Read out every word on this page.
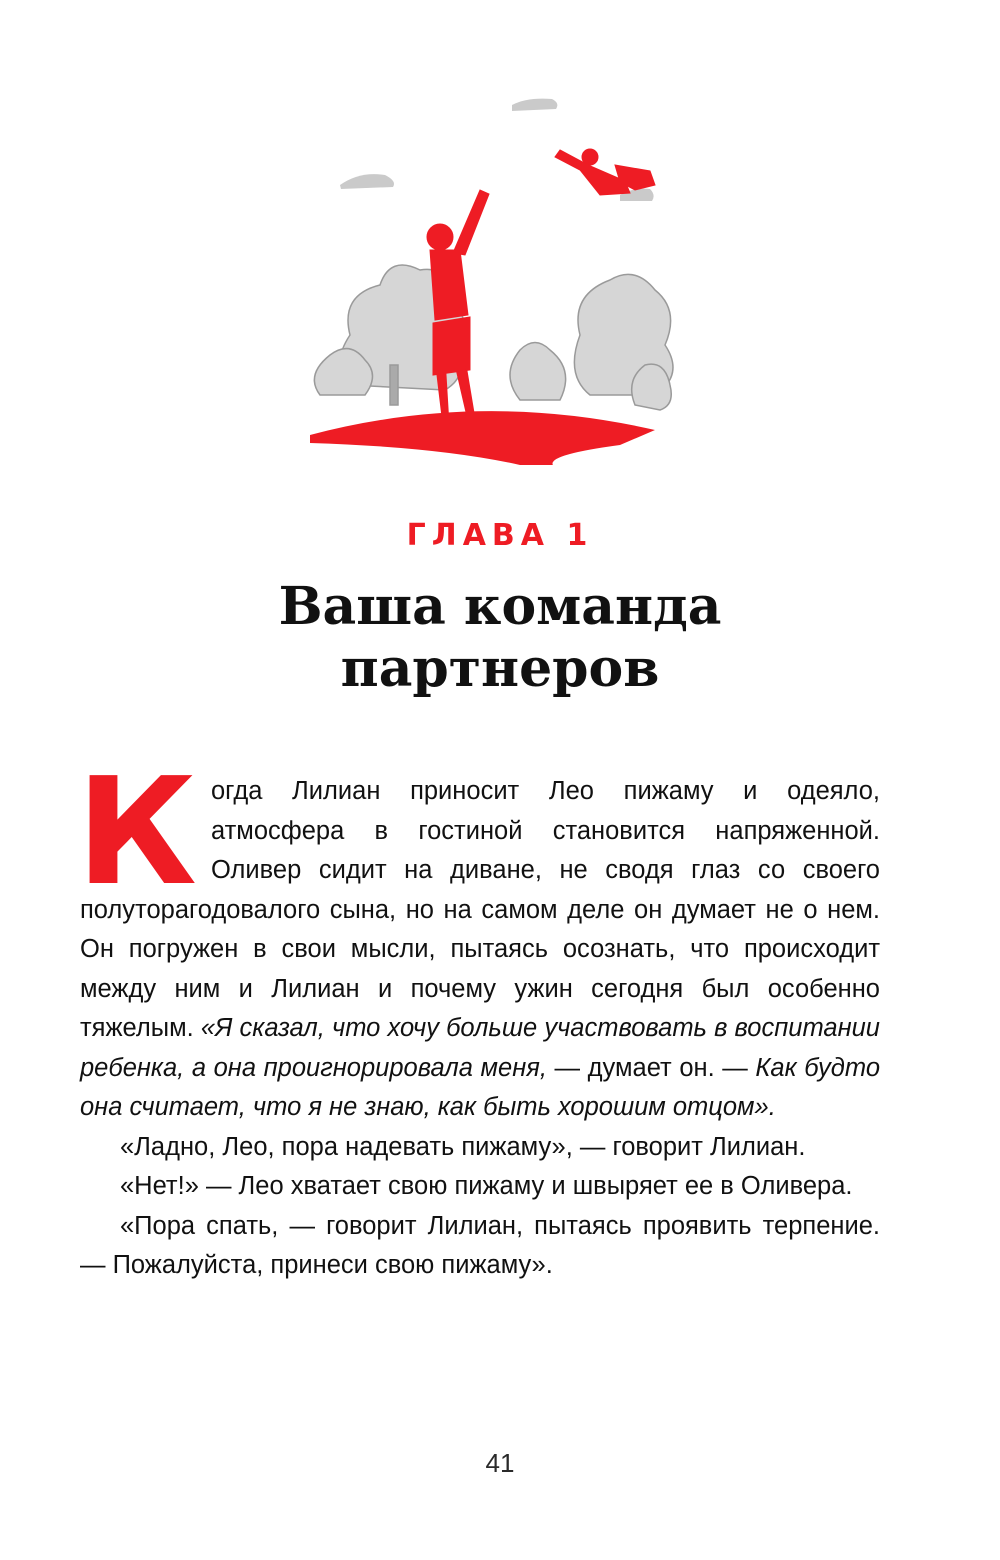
ГЛАВА 1
Ваша команда
партнеров

Когда Лилиан приносит Лео пижаму и одеяло, атмосфера в гостиной становится напряженной. Оливер сидит на диване, не сводя глаз со своего полуторагодовалого сына, но на самом деле он думает не о нем. Он погружен в свои мысли, пытаясь осознать, что происходит между ним и Лилиан и почему ужин сегодня был особенно тяжелым. «Я сказал, что хочу больше участвовать в воспитании ребенка, а она проигнорировала меня, — думает он. — Как будто она считает, что я не знаю, как быть хорошим отцом».

«Ладно, Лео, пора надевать пижаму», — говорит Лилиан.

«Нет!» — Лео хватает свою пижаму и швыряет ее в Оливера.

«Пора спать, — говорит Лилиан, пытаясь проявить терпение. — Пожалуйста, принеси свою пижаму».

41
